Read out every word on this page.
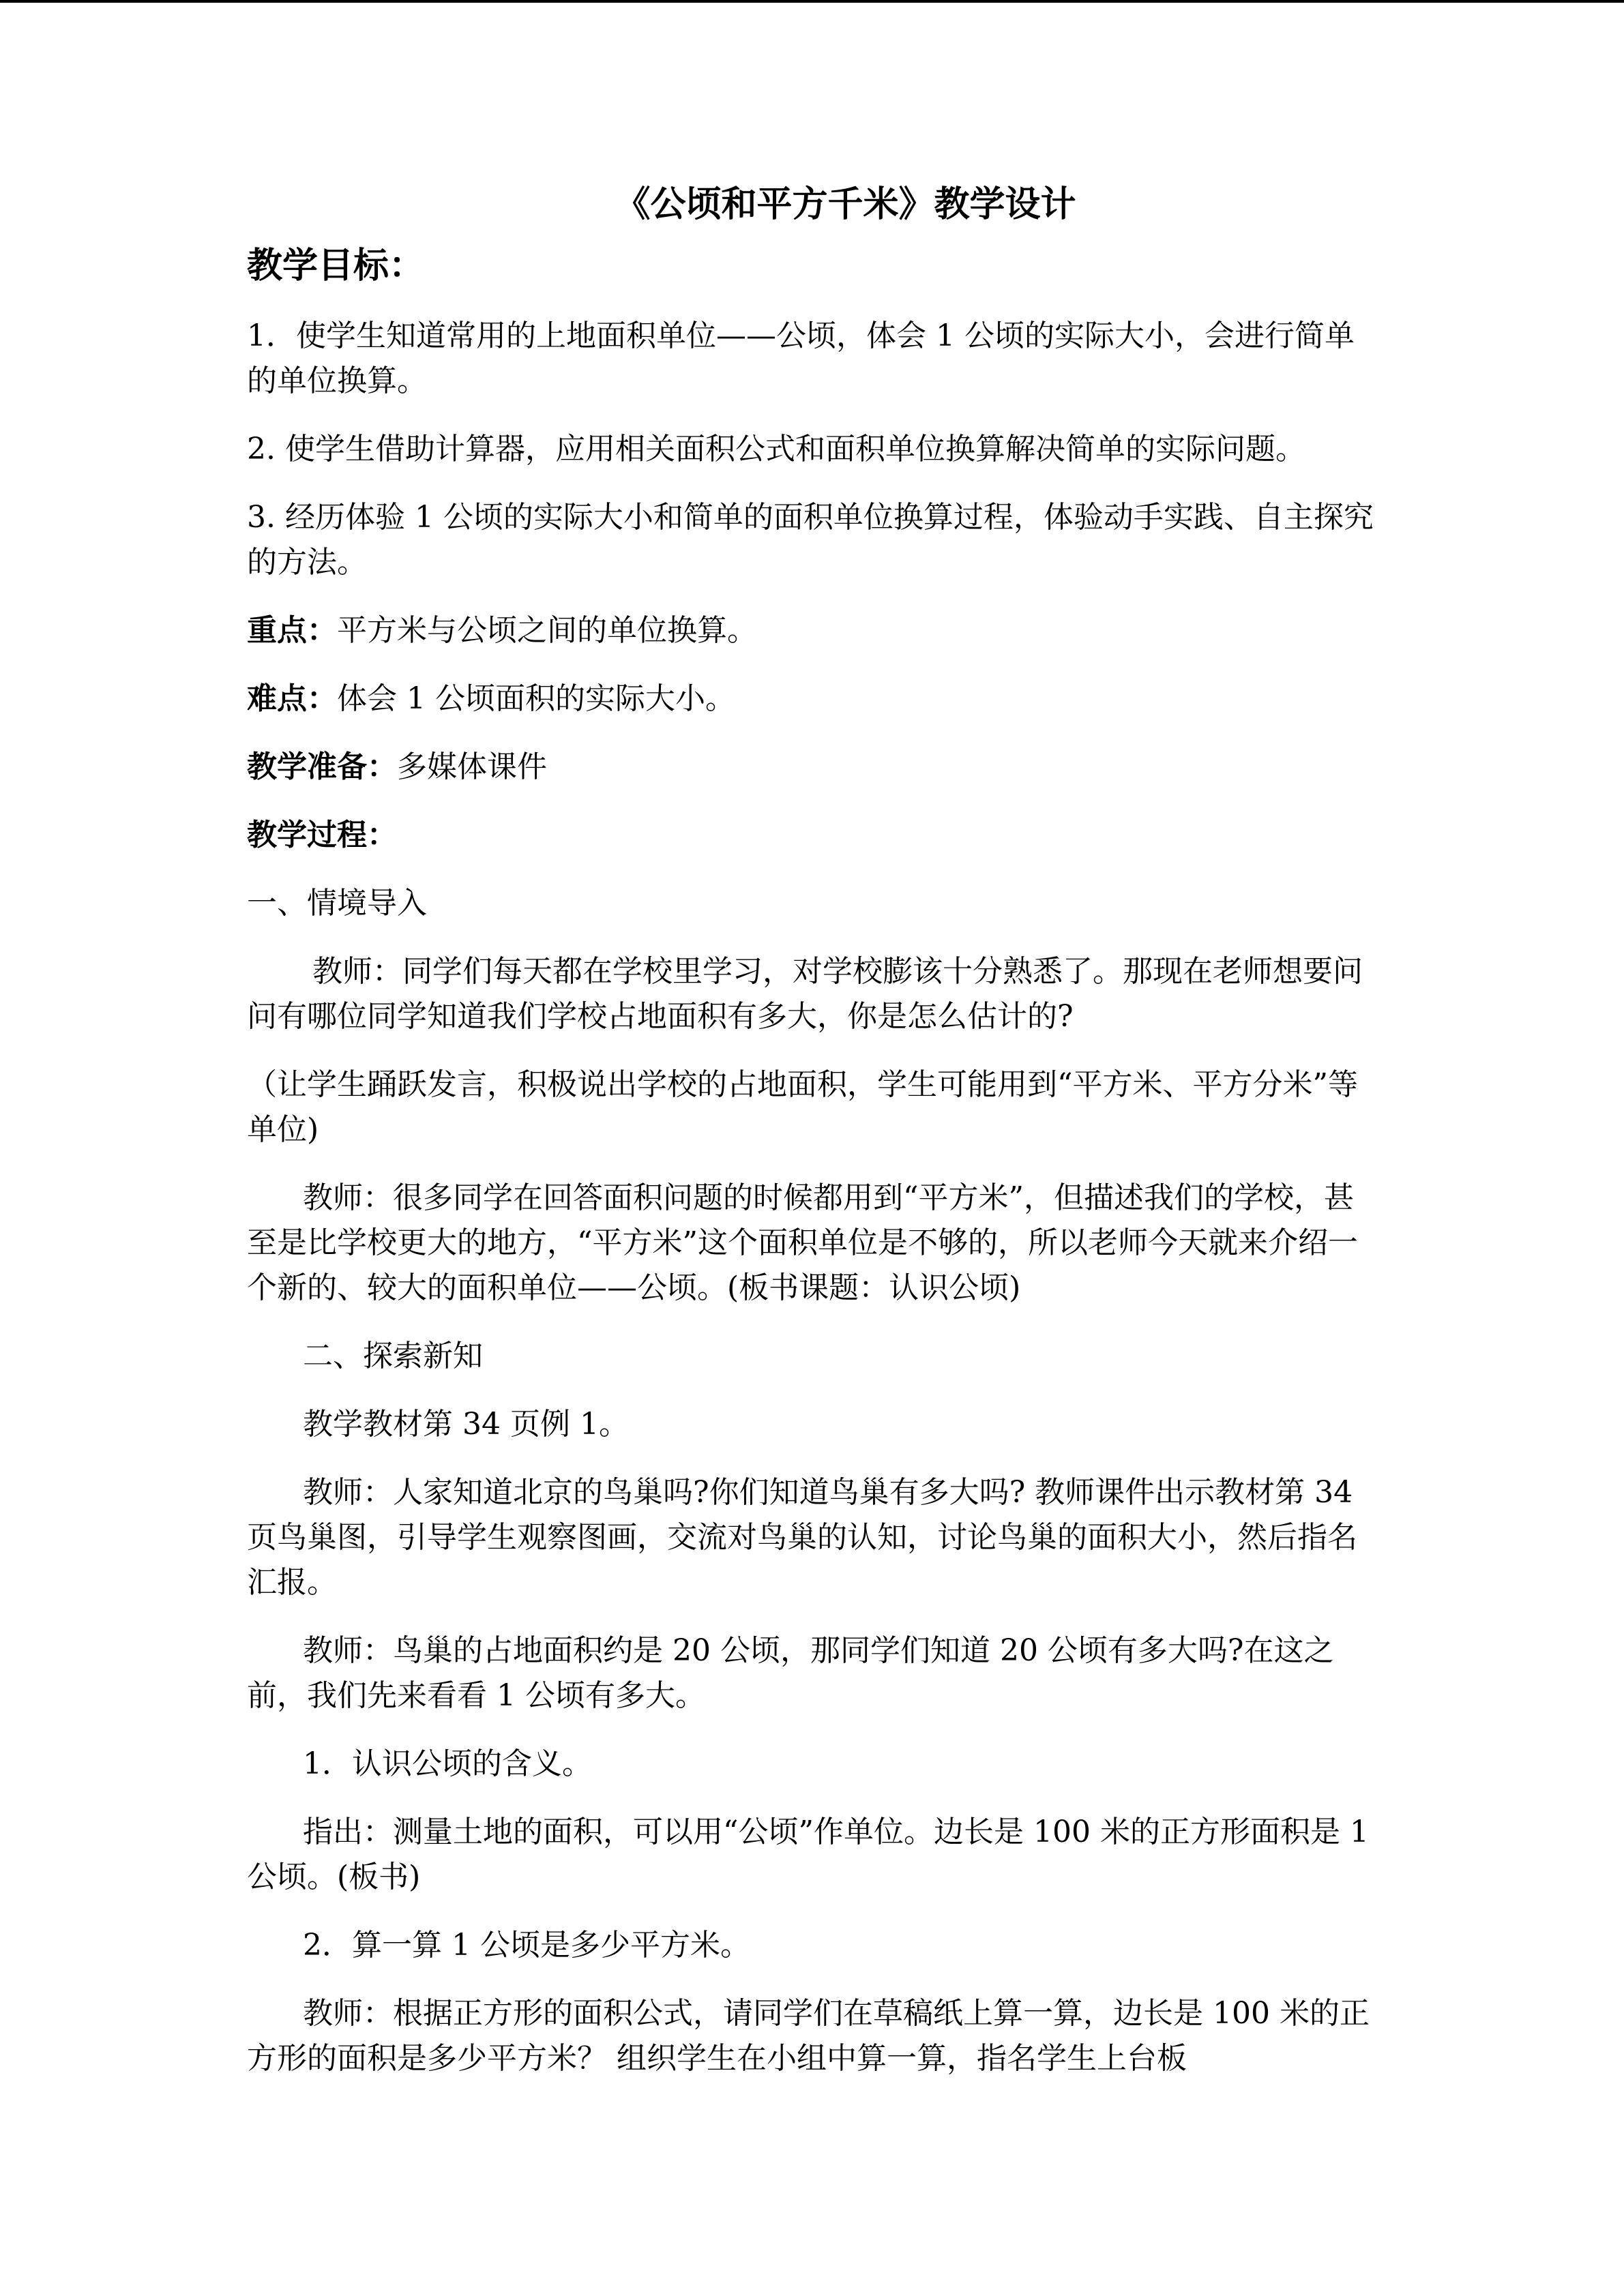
《公顷和平方千米》教学设计
教学目标：

1．使学生知道常用的上地面积单位——公顷，体会 1 公顷的实际大小，会进行简单的单位换算。

2. 使学生借助计算器，应用相关面积公式和面积单位换算解决简单的实际问题。

3. 经历体验 1 公顷的实际大小和简单的面积单位换算过程，体验动手实践、自主探究的方法。

重点：平方米与公顷之间的单位换算。

难点：体会 1 公顷面积的实际大小。

教学准备：多媒体课件

教学过程：

一、情境导入

教师：同学们每天都在学校里学习，对学校膨该十分熟悉了。那现在老师想要问问有哪位同学知道我们学校占地面积有多大，你是怎么估计的?

（让学生踊跃发言，积极说出学校的占地面积，学生可能用到“平方米、平方分米”等单位)

教师：很多同学在回答面积问题的时候都用到“平方米”，但描述我们的学校，甚至是比学校更大的地方，“平方米”这个面积单位是不够的，所以老师今天就来介绍一个新的、较大的面积单位——公顷。(板书课题：认识公顷)

二、探索新知

教学教材第 34 页例 1。

教师：人家知道北京的鸟巢吗?你们知道鸟巢有多大吗? 教师课件出示教材第 34 页鸟巢图，引导学生观察图画，交流对鸟巢的认知，讨论鸟巢的面积大小，然后指名汇报。

教师：鸟巢的占地面积约是 20 公顷，那同学们知道 20 公顷有多大吗?在这之前，我们先来看看 1 公顷有多大。

1．认识公顷的含义。

指出：测量土地的面积，可以用“公顷”作单位。边长是 100 米的正方形面积是 1 公顷。(板书)

2．算一算 1 公顷是多少平方米。

教师：根据正方形的面积公式，请同学们在草稿纸上算一算，边长是 100 米的正方形的面积是多少平方米？ 组织学生在小组中算一算，指名学生上台板
